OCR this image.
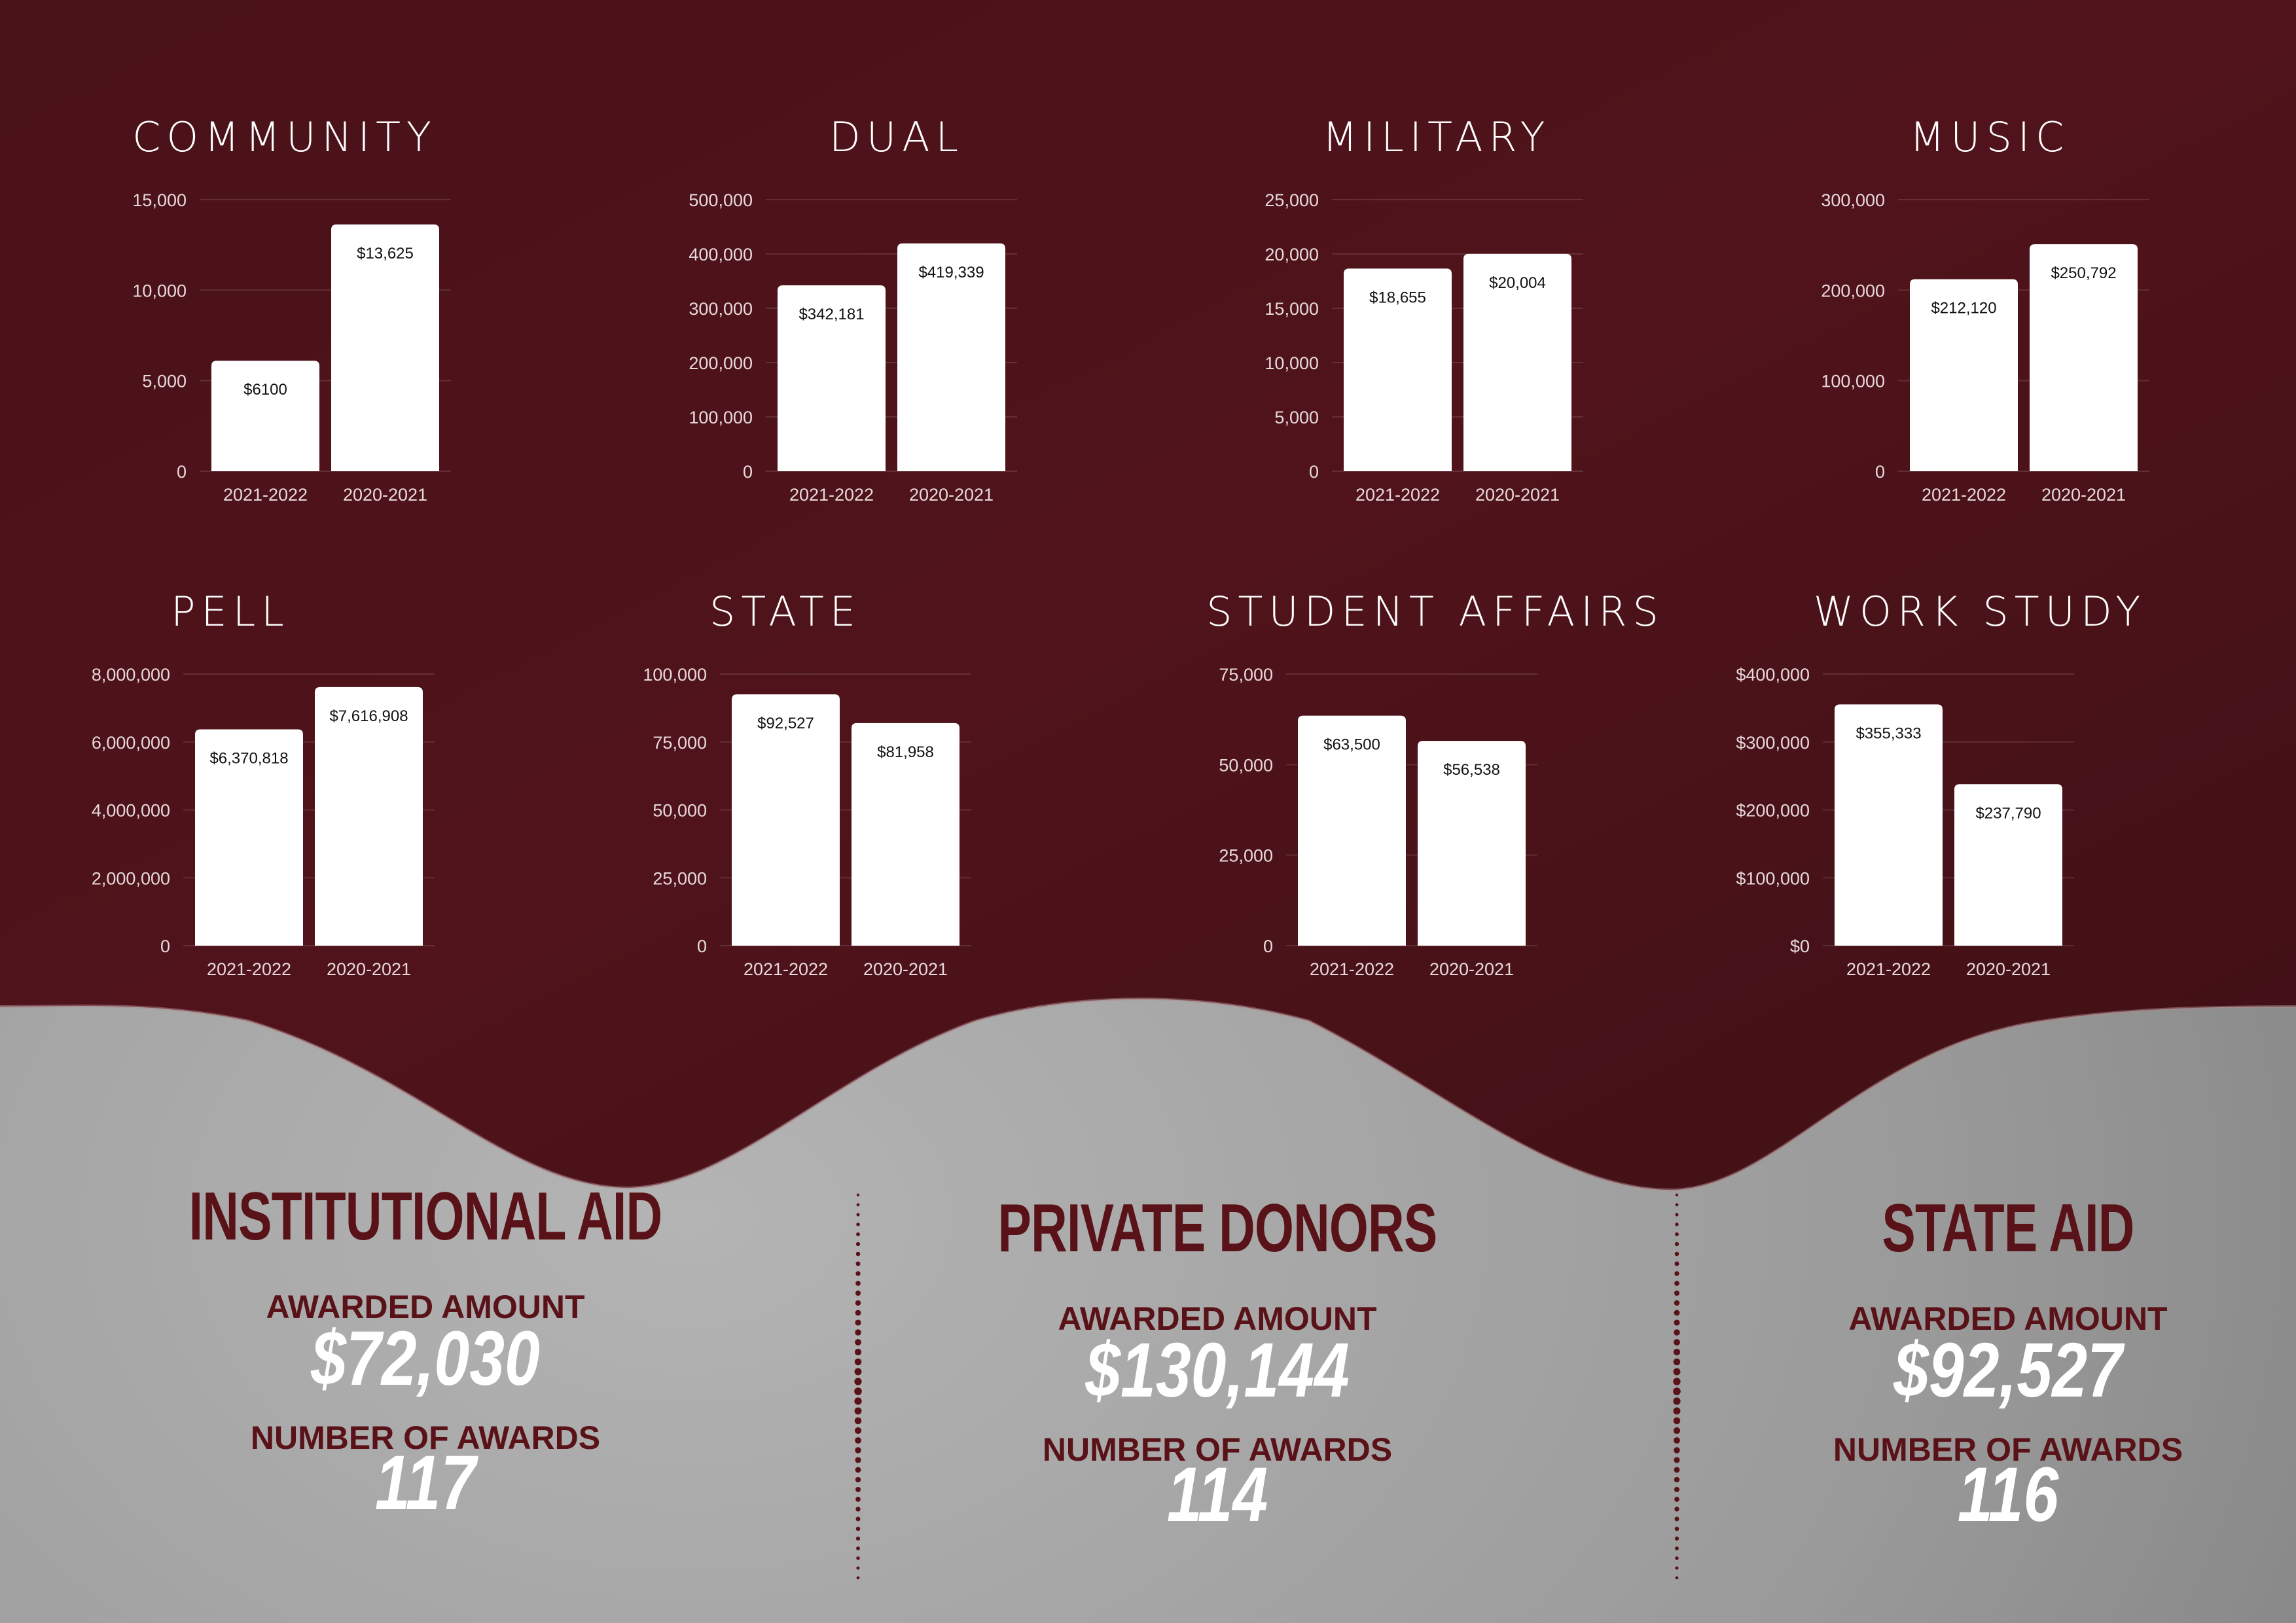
COMMUNITY
0
5,000
10,000
15,000
$6100
2021-2022
$13,625
2020-2021
DUAL
0
100,000
200,000
300,000
400,000
500,000
$342,181
2021-2022
$419,339
2020-2021
MILITARY
0
5,000
10,000
15,000
20,000
25,000
$18,655
2021-2022
$20,004
2020-2021
MUSIC
0
100,000
200,000
300,000
$212,120
2021-2022
$250,792
2020-2021
PELL
0
2,000,000
4,000,000
6,000,000
8,000,000
$6,370,818
2021-2022
$7,616,908
2020-2021
STATE
0
25,000
50,000
75,000
100,000
$92,527
2021-2022
$81,958
2020-2021
STUDENT AFFAIRS
0
25,000
50,000
75,000
$63,500
2021-2022
$56,538
2020-2021
WORK STUDY
$0
$100,000
$200,000
$300,000
$400,000
$355,333
2021-2022
$237,790
2020-2021
INSTITUTIONAL AID
AWARDED AMOUNT
$72,030
NUMBER OF AWARDS
117
PRIVATE DONORS
AWARDED AMOUNT
$130,144
NUMBER OF AWARDS
114
STATE AID
AWARDED AMOUNT
$92,527
NUMBER OF AWARDS
116
